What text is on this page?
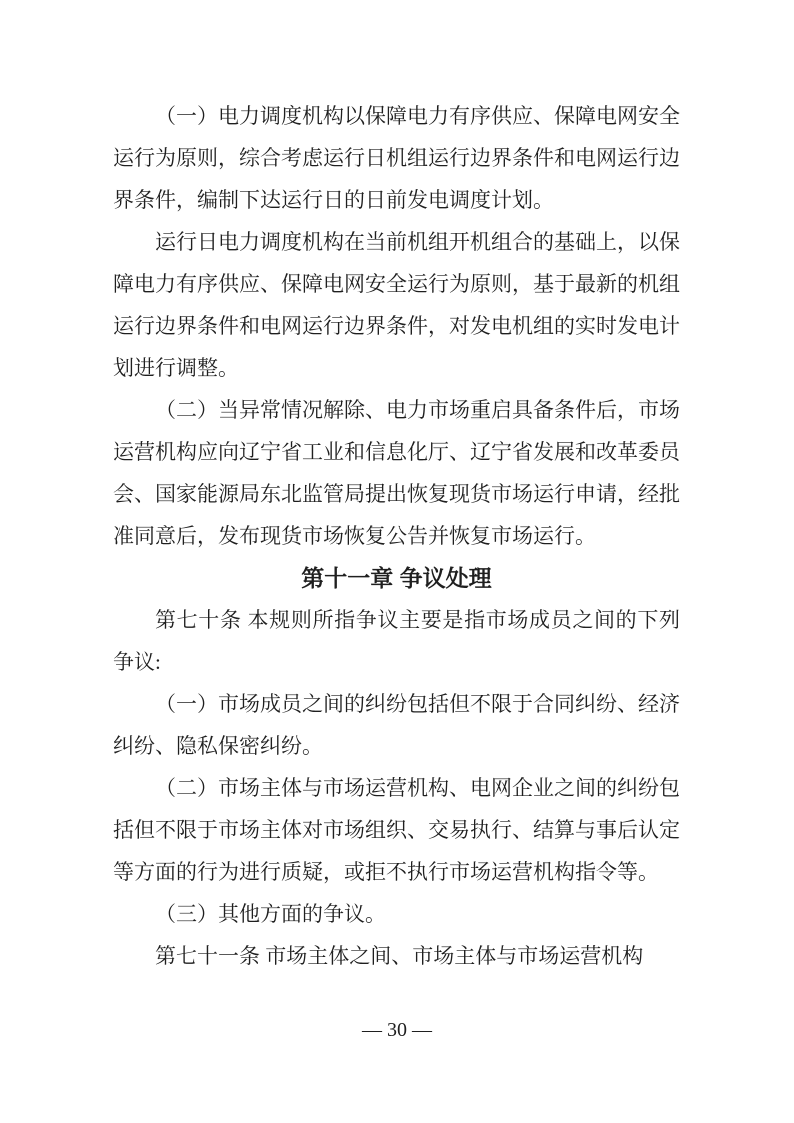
（一）电力调度机构以保障电力有序供应、保障电网安全运行为原则，综合考虑运行日机组运行边界条件和电网运行边界条件，编制下达运行日的日前发电调度计划。

运行日电力调度机构在当前机组开机组合的基础上，以保障电力有序供应、保障电网安全运行为原则，基于最新的机组运行边界条件和电网运行边界条件，对发电机组的实时发电计划进行调整。

（二）当异常情况解除、电力市场重启具备条件后，市场运营机构应向辽宁省工业和信息化厅、辽宁省发展和改革委员会、国家能源局东北监管局提出恢复现货市场运行申请，经批准同意后，发布现货市场恢复公告并恢复市场运行。

第十一章 争议处理

第七十条 本规则所指争议主要是指市场成员之间的下列争议:

（一）市场成员之间的纠纷包括但不限于合同纠纷、经济纠纷、隐私保密纠纷。

（二）市场主体与市场运营机构、电网企业之间的纠纷包括但不限于市场主体对市场组织、交易执行、结算与事后认定等方面的行为进行质疑，或拒不执行市场运营机构指令等。

（三）其他方面的争议。

第七十一条 市场主体之间、市场主体与市场运营机构

— 30 —
